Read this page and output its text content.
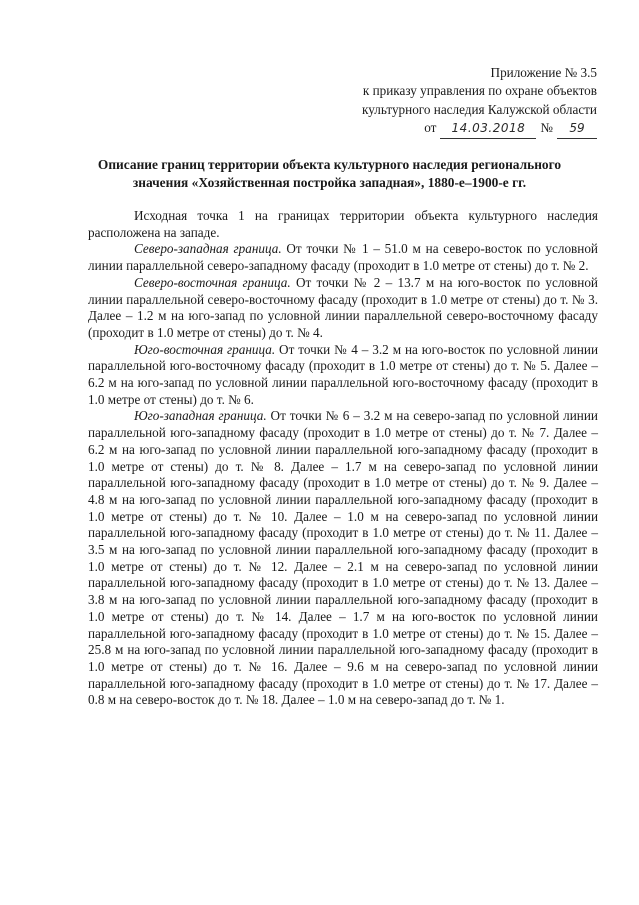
Приложение № 3.5
к приказу управления по охране объектов
культурного наследия Калужской области
от	14.03.2018	№	59
Описание границ территории объекта культурного наследия регионального
значения «Хозяйственная постройка западная», 1880-е–1900-е гг.

Исходная точка 1 на границах территории объекта культурного наследия расположена на западе.

Северо-западная граница. От точки № 1 – 51.0 м на северо-восток по условной линии параллельной северо-западному фасаду (проходит в 1.0 метре от стены) до т. № 2.

Северо-восточная граница. От точки № 2 – 13.7 м на юго-восток по условной линии параллельной северо-восточному фасаду (проходит в 1.0 метре от стены) до т. № 3. Далее – 1.2 м на юго-запад по условной линии параллельной северо-восточному фасаду (проходит в 1.0 метре от стены) до т. № 4.

Юго-восточная граница. От точки № 4 – 3.2 м на юго-восток по условной линии параллельной юго-восточному фасаду (проходит в 1.0 метре от стены) до т. № 5. Далее – 6.2 м на юго-запад по условной линии параллельной юго-восточному фасаду (проходит в 1.0 метре от стены) до т. № 6.

Юго-западная граница. От точки № 6 – 3.2 м на северо-запад по условной линии параллельной юго-западному фасаду (проходит в 1.0 метре от стены) до т. № 7. Далее – 6.2 м на юго-запад по условной линии параллельной юго-западному фасаду (проходит в 1.0 метре от стены) до т. № 8. Далее – 1.7 м на северо-запад по условной линии параллельной юго-западному фасаду (проходит в 1.0 метре от стены) до т. № 9. Далее – 4.8 м на юго-запад по условной линии параллельной юго-западному фасаду (проходит в 1.0 метре от стены) до т. № 10. Далее – 1.0 м на северо-запад по условной линии параллельной юго-западному фасаду (проходит в 1.0 метре от стены) до т. № 11. Далее – 3.5 м на юго-запад по условной линии параллельной юго-западному фасаду (проходит в 1.0 метре от стены) до т. № 12. Далее – 2.1 м на северо-запад по условной линии параллельной юго-западному фасаду (проходит в 1.0 метре от стены) до т. № 13. Далее – 3.8 м на юго-запад по условной линии параллельной юго-западному фасаду (проходит в 1.0 метре от стены) до т. № 14. Далее – 1.7 м на юго-восток по условной линии параллельной юго-западному фасаду (проходит в 1.0 метре от стены) до т. № 15. Далее – 25.8 м на юго-запад по условной линии параллельной юго-западному фасаду (проходит в 1.0 метре от стены) до т. № 16. Далее – 9.6 м на северо-запад по условной линии параллельной юго-западному фасаду (проходит в 1.0 метре от стены) до т. № 17. Далее – 0.8 м на северо-восток до т. № 18. Далее – 1.0 м на северо-запад до т. № 1.
